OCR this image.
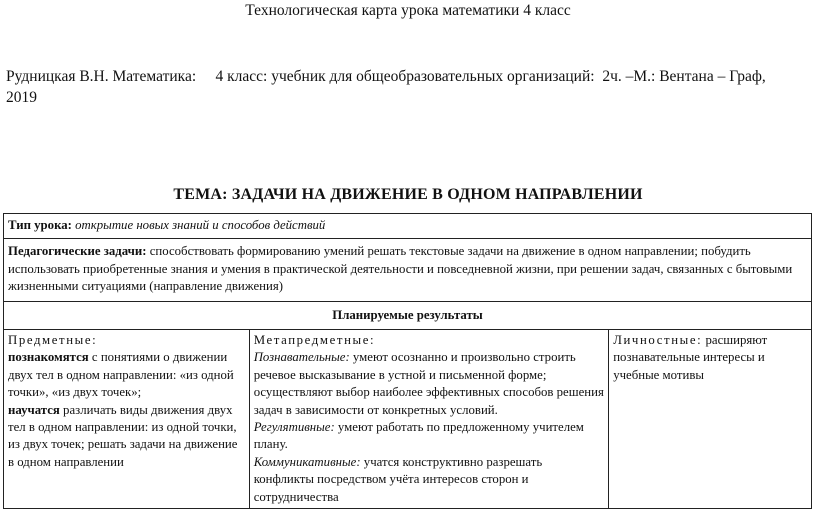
Технологическая карта урока математики 4 класс
Рудницкая В.Н. Математика:     4 класс: учебник для общеобразовательных организаций:  2ч. –М.: Вентана – Граф,
2019
ТЕМА: ЗАДАЧИ НА ДВИЖЕНИЕ В ОДНОМ НАПРАВЛЕНИИ
Тип урока: открытие новых знаний и способов действий
Педагогические задачи: способствовать формированию умений решать текстовые задачи на движение в одном направлении; побудить использовать приобретенные знания и умения в практической деятельности и повседневной жизни, при решении задач, связанных с бытовыми жизненными ситуациями (направление движения)
Планируемые результаты

Предметные:
познакомятся с понятиями о движении двух тел в одном направлении: «из одной точки», «из двух точек»;
научатся различать виды движения двух тел в одном направлении: из одной точки, из двух точек; решать задачи на движение в одном направлении

Метапредметные:
Познавательные: умеют осознанно и произвольно строить речевое высказывание в устной и письменной форме; осуществляют выбор наиболее эффективных способов решения задач в зависимости от конкретных условий.
Регулятивные: умеют работать по предложенному учителем плану.
Коммуникативные: учатся конструктивно разрешать конфликты посредством учёта интересов сторон и сотрудничества

Личностные: расширяют познавательные интересы и учебные мотивы
